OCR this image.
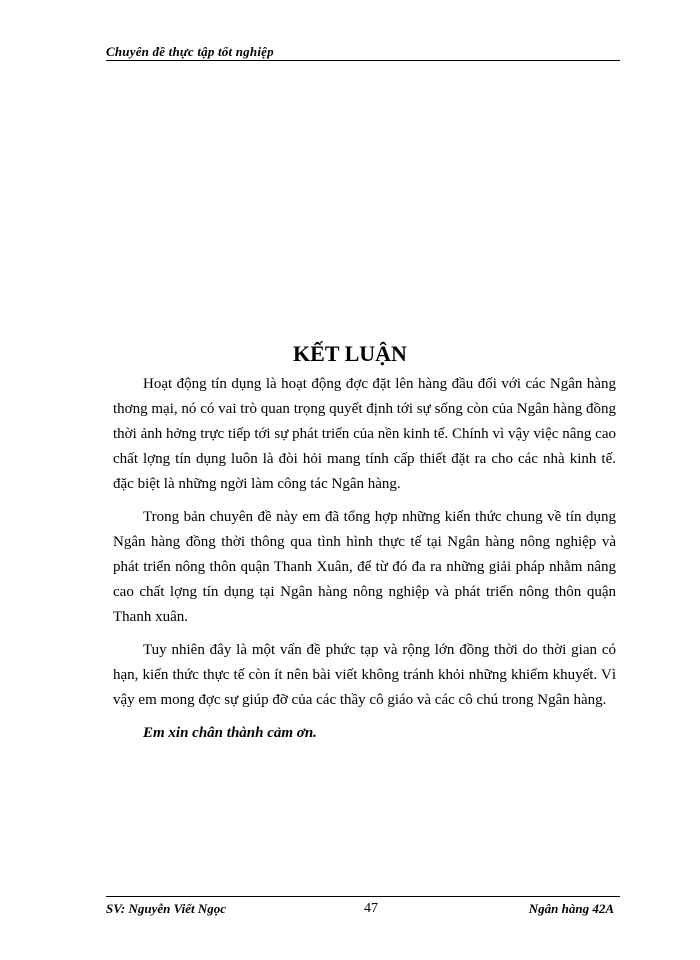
Chuyên đề thực tập tốt nghiệp
KẾT LUẬN

Hoạt động tín dụng là hoạt động đợc đặt lên hàng đầu đối với các Ngân hàng thơng mại, nó có vai trò quan trọng quyết định tới sự sống còn của Ngân hàng đồng thời ảnh hởng trực tiếp tới sự phát triển của nền kinh tế. Chính vì vậy việc nâng cao chất lợng tín dụng luôn là đòi hỏi mang tính cấp thiết đặt ra cho các nhà kinh tế. đặc biệt là những ngời làm công tác Ngân hàng.

Trong bản chuyên đề này em đã tổng hợp những kiến thức chung về tín dụng Ngân hàng đồng thời thông qua tình hình thực tế tại Ngân hàng nông nghiệp và phát triển nông thôn quận Thanh Xuân, để từ đó đa ra những giải pháp nhằm nâng cao chất lợng tín dụng tại Ngân hàng nông nghiệp và phát triển nông thôn quận Thanh xuân.

Tuy nhiên đây là một vấn đề phức tạp và rộng lớn đồng thời do thời gian có hạn, kiến thức thực tế còn ít nên bài viết không tránh khỏi những khiếm khuyết. Vì vậy em mong đợc sự giúp đỡ của các thầy cô giáo và các cô chú trong Ngân hàng.

Em xin chân thành cảm ơn.

SV: Nguyễn Viết Ngọc	47	Ngân hàng 42A
